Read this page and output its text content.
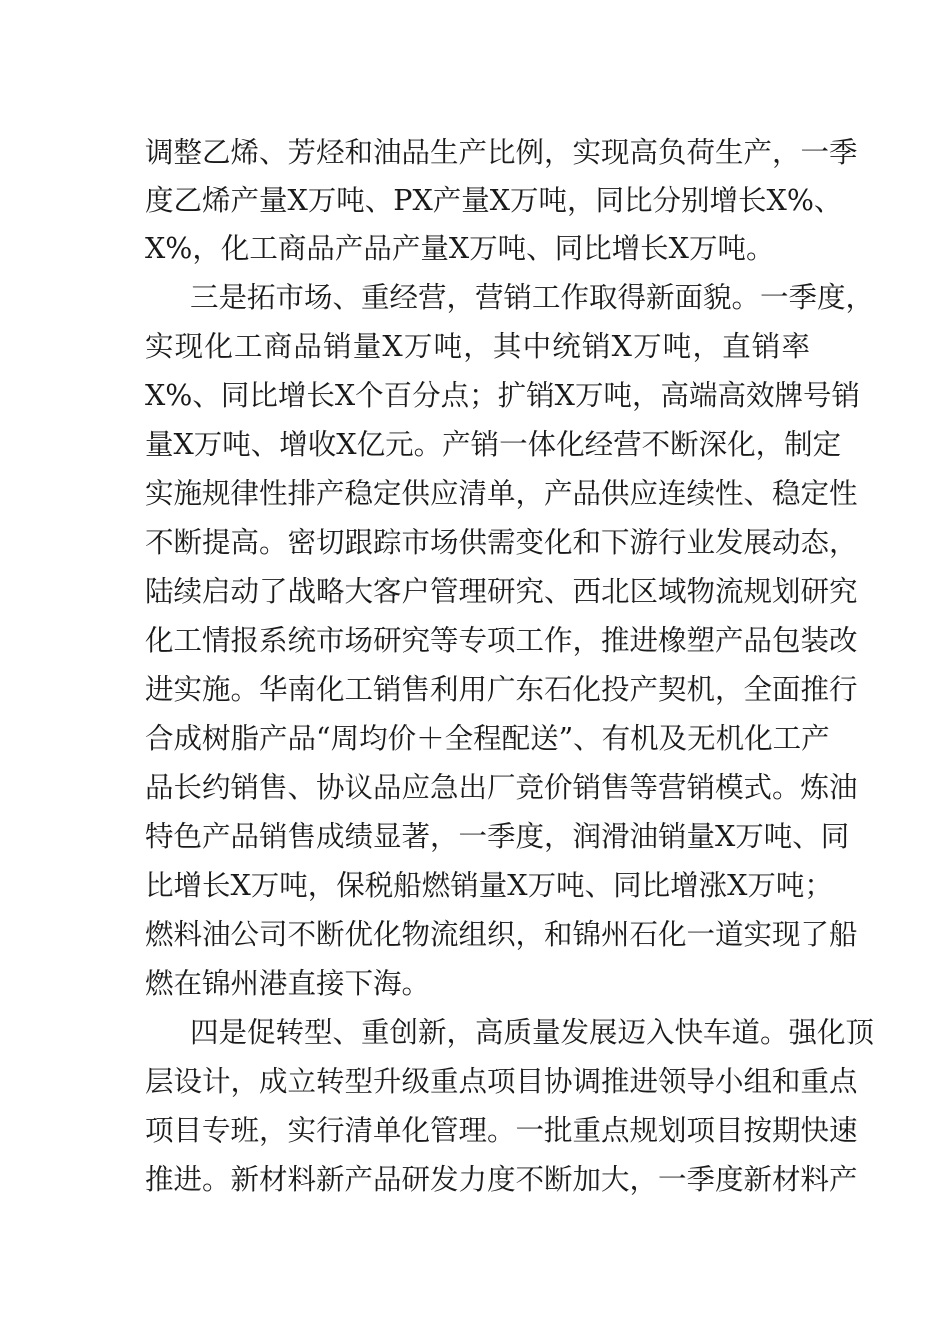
调整乙烯、芳烃和油品生产比例，实现高负荷生产，一季
度乙烯产量X万吨、PX产量X万吨，同比分别增长X%、
X%，化工商品产品产量X万吨、同比增长X万吨。
三是拓市场、重经营，营销工作取得新面貌。一季度，
实现化工商品销量X万吨，其中统销X万吨，直销率
X%、同比增长X个百分点；扩销X万吨，高端高效牌号销
量X万吨、增收X亿元。产销一体化经营不断深化，制定
实施规律性排产稳定供应清单，产品供应连续性、稳定性
不断提高。密切跟踪市场供需变化和下游行业发展动态，
陆续启动了战略大客户管理研究、西北区域物流规划研究
化工情报系统市场研究等专项工作，推进橡塑产品包装改
进实施。华南化工销售利用广东石化投产契机，全面推行
合成树脂产品“周均价＋全程配送”、有机及无机化工产
品长约销售、协议品应急出厂竞价销售等营销模式。炼油
特色产品销售成绩显著，一季度，润滑油销量X万吨、同
比增长X万吨，保税船燃销量X万吨、同比增涨X万吨；
燃料油公司不断优化物流组织，和锦州石化一道实现了船
燃在锦州港直接下海。
四是促转型、重创新，高质量发展迈入快车道。强化顶
层设计，成立转型升级重点项目协调推进领导小组和重点
项目专班，实行清单化管理。一批重点规划项目按期快速
推进。新材料新产品研发力度不断加大，一季度新材料产
